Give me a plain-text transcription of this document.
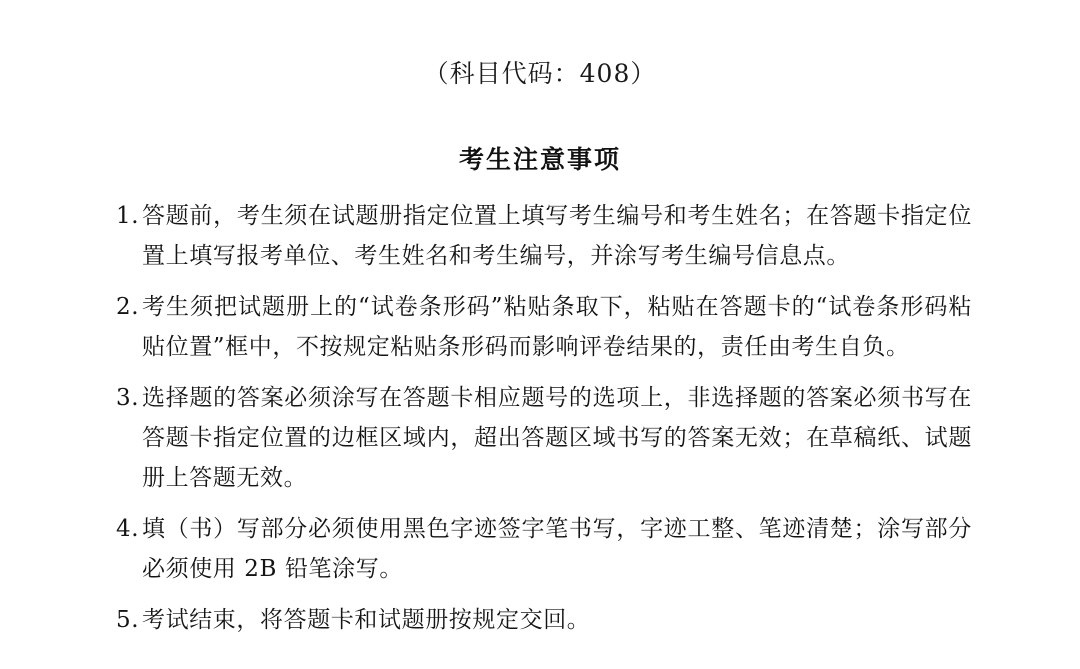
（科目代码：408）
考生注意事项
1. 答题前，考生须在试题册指定位置上填写考生编号和考生姓名；在答题卡指定位置上填写报考单位、考生姓名和考生编号，并涂写考生编号信息点。
2. 考生须把试题册上的“试卷条形码”粘贴条取下，粘贴在答题卡的“试卷条形码粘贴位置”框中，不按规定粘贴条形码而影响评卷结果的，责任由考生自负。
3. 选择题的答案必须涂写在答题卡相应题号的选项上，非选择题的答案必须书写在答题卡指定位置的边框区域内，超出答题区域书写的答案无效；在草稿纸、试题册上答题无效。
4. 填（书）写部分必须使用黑色字迹签字笔书写，字迹工整、笔迹清楚；涂写部分必须使用 2B 铅笔涂写。
5. 考试结束，将答题卡和试题册按规定交回。
